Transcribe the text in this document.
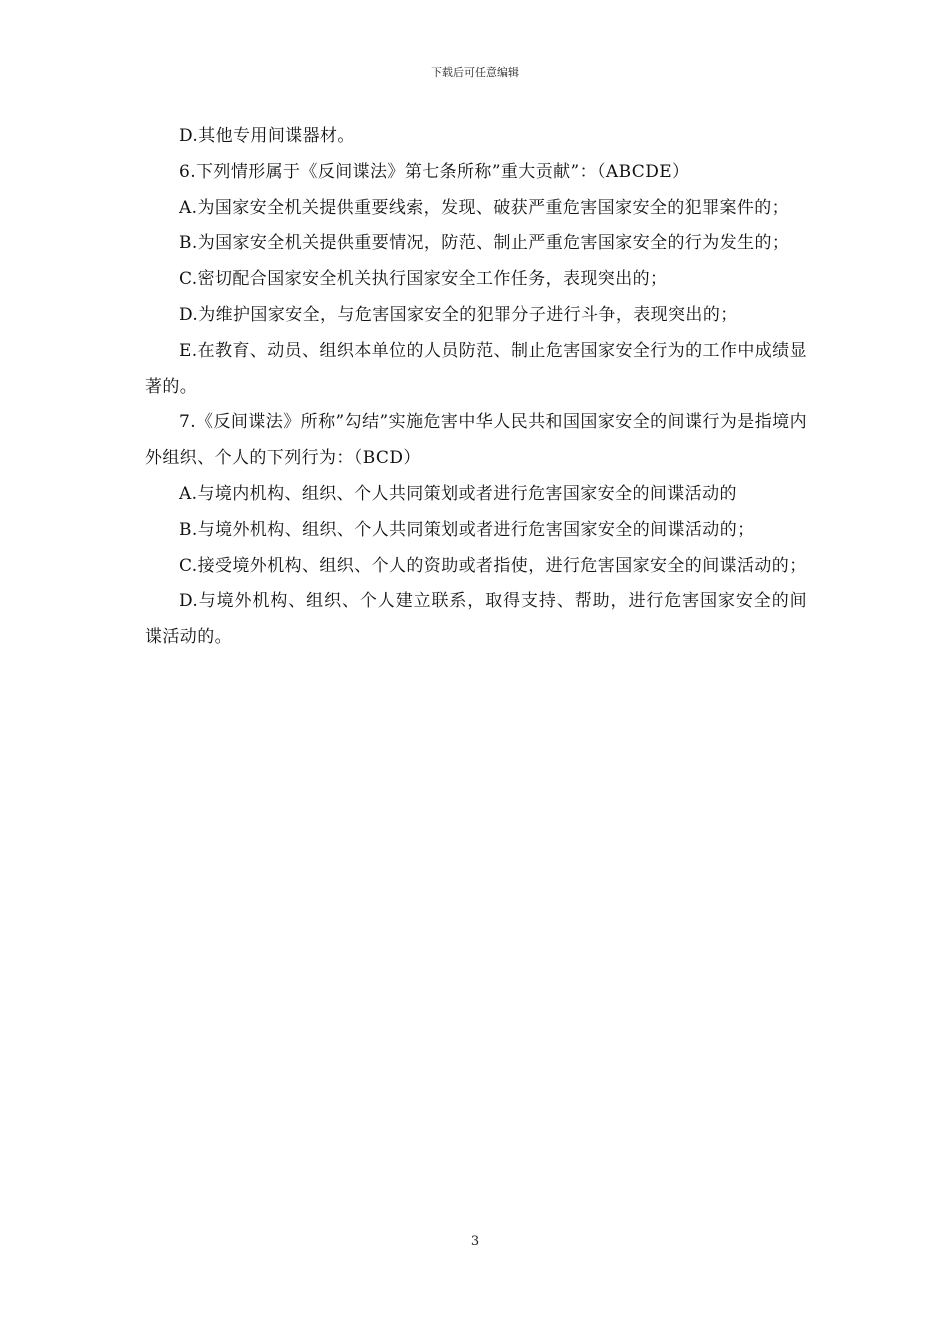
下载后可任意编辑

D.其他专用间谍器材。

6.下列情形属于《反间谍法》第七条所称”重大贡献”：（ABCDE）

A.为国家安全机关提供重要线索，发现、破获严重危害国家安全的犯罪案件的；

B.为国家安全机关提供重要情况，防范、制止严重危害国家安全的行为发生的；

C.密切配合国家安全机关执行国家安全工作任务，表现突出的；

D.为维护国家安全，与危害国家安全的犯罪分子进行斗争，表现突出的；

E.在教育、动员、组织本单位的人员防范、制止危害国家安全行为的工作中成绩显著的。

7.《反间谍法》所称”勾结”实施危害中华人民共和国国家安全的间谍行为是指境内外组织、个人的下列行为：（BCD）

A.与境内机构、组织、个人共同策划或者进行危害国家安全的间谍活动的

B.与境外机构、组织、个人共同策划或者进行危害国家安全的间谍活动的；

C.接受境外机构、组织、个人的资助或者指使，进行危害国家安全的间谍活动的；

D.与境外机构、组织、个人建立联系，取得支持、帮助，进行危害国家安全的间谍活动的。

3
